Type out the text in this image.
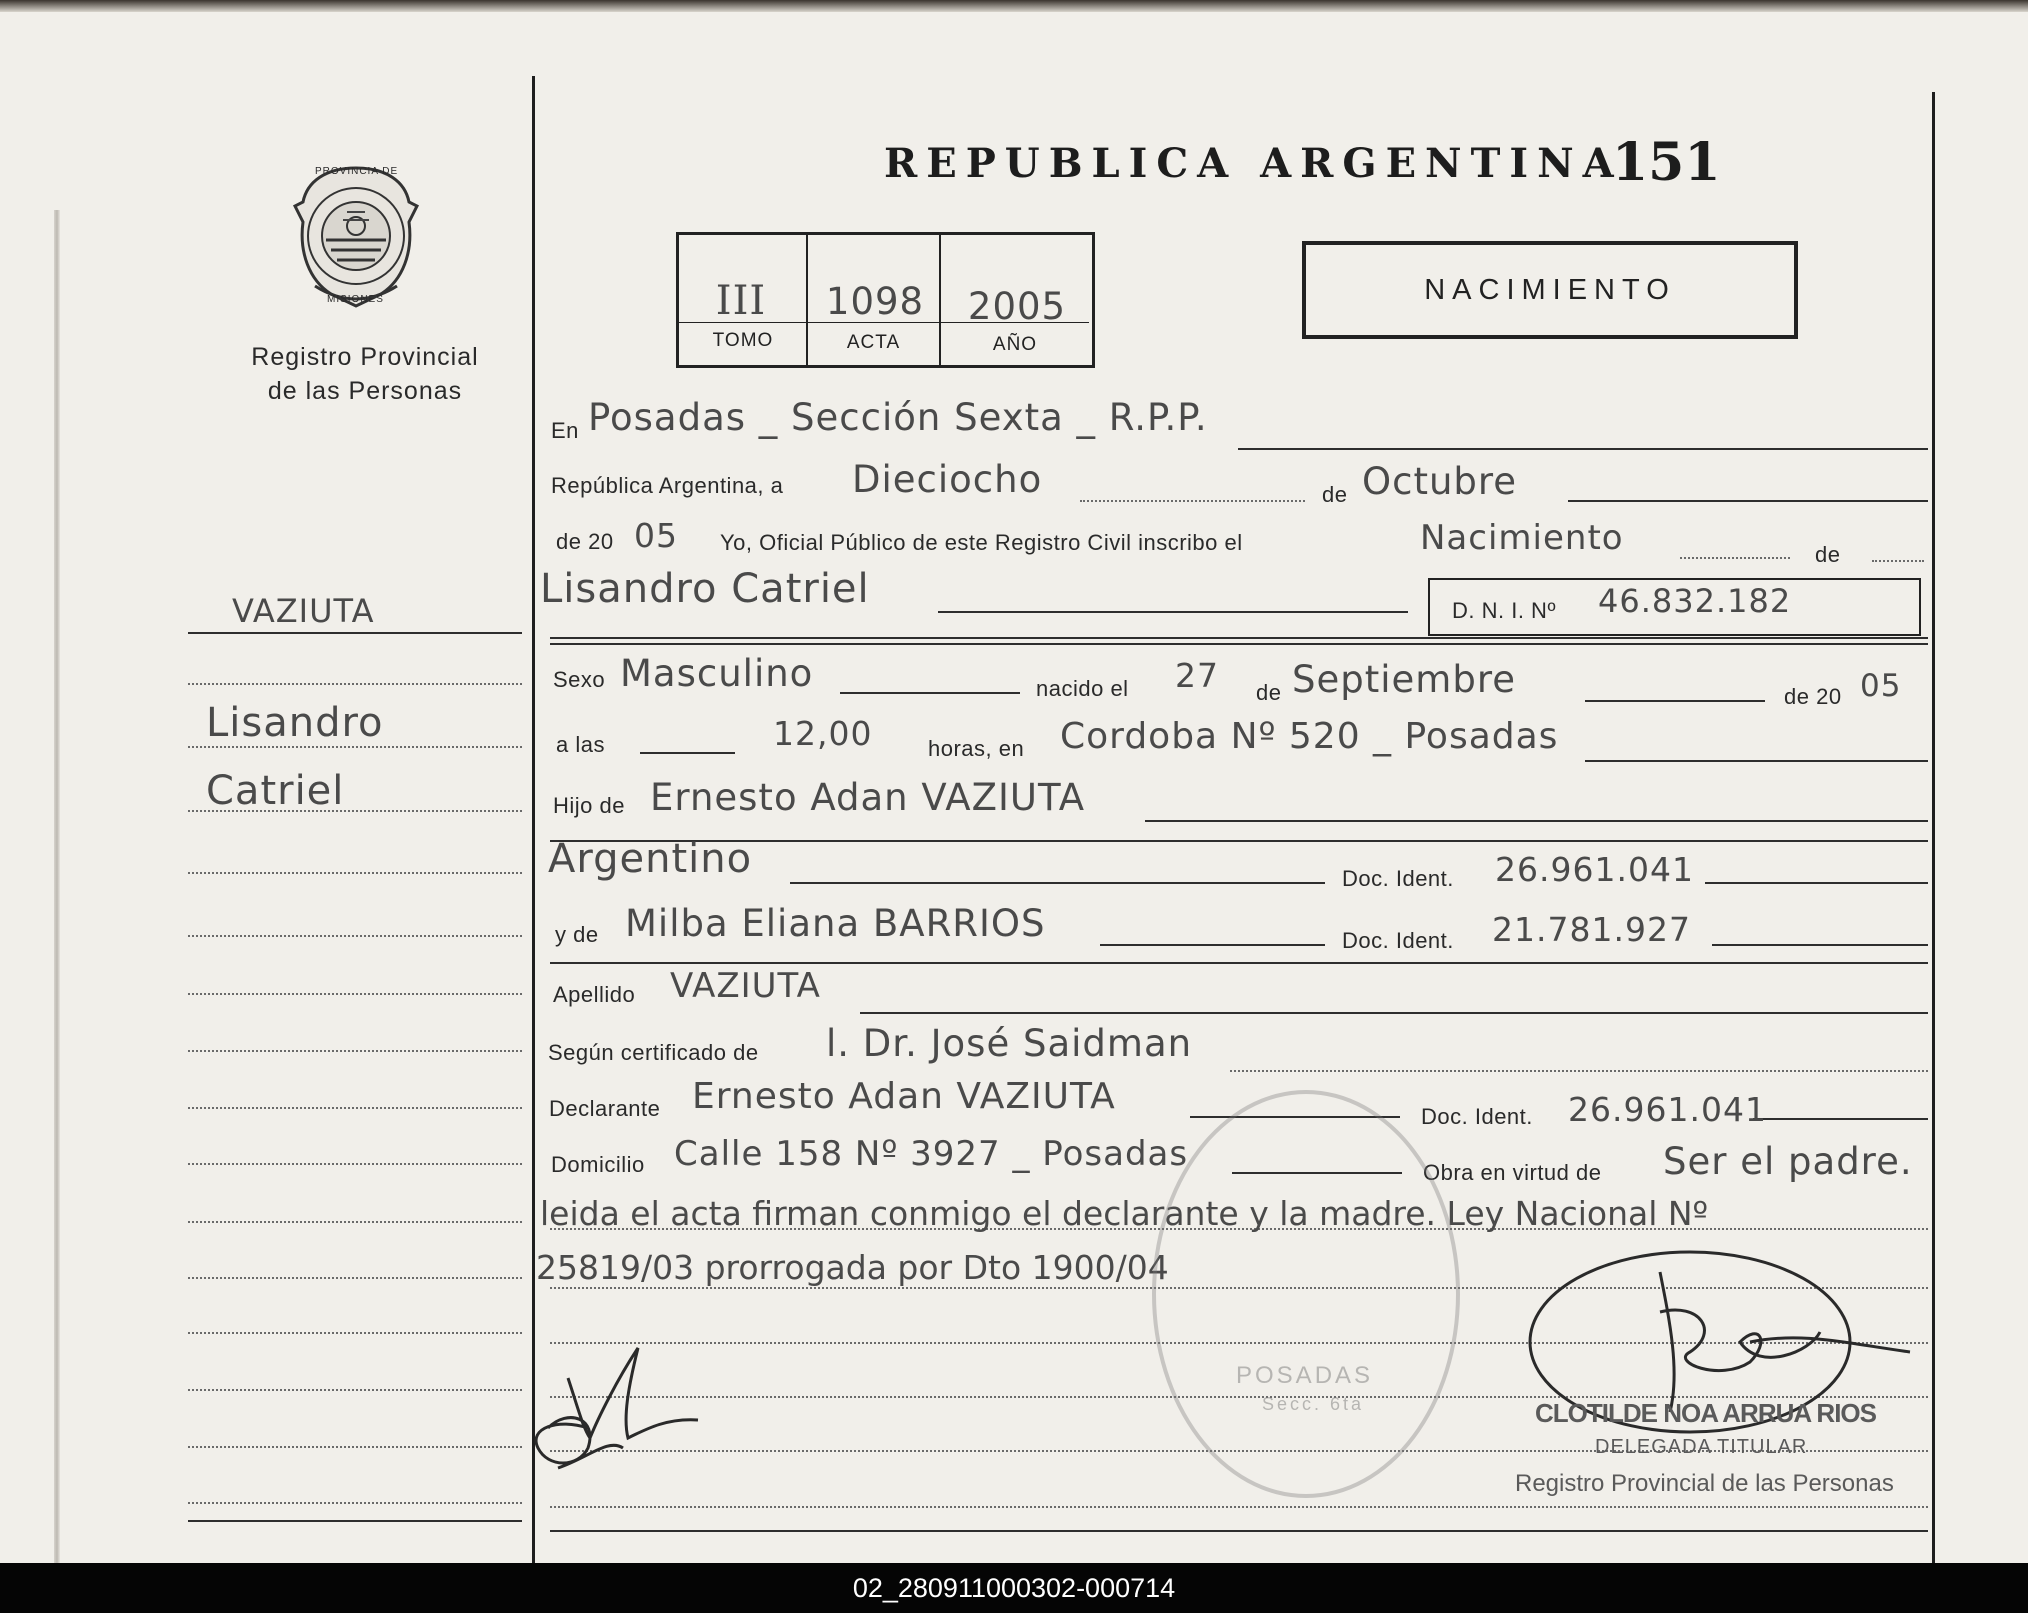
PROVINCIA DE
MISIONES
Registro Provincial
de las Personas
REPUBLICA ARGENTINA
151
III	1098	2005
TOMO	ACTA	AÑO
NACIMIENTO
VAZIUTA
Lisandro
Catriel
En Posadas _ Sección Sexta _ R.P.P.
República Argentina, a Dieciocho	de Octubre
de 20 05 Yo, Oficial Público de este Registro Civil inscribo el	Nacimiento	de
Lisandro Catriel	D. N. I. Nº 46.832.182
Sexo Masculino	nacido el 27 de Septiembre	de 20 05
a las	12,00	horas, en Cordoba Nº 520 _ Posadas
Hijo de Ernesto Adan VAZIUTA
Argentino	Doc. Ident. 26.961.041
y de Milba Eliana BARRIOS	Doc. Ident. 21.781.927
Apellido VAZIUTA
Según certificado de l. Dr. José Saidman
Declarante Ernesto Adan VAZIUTA	Doc. Ident. 26.961.041
Domicilio Calle 158 Nº 3927 _ Posadas	Obra en virtud de Ser el padre.
leida el acta firman conmigo el declarante y la madre. Ley Nacional Nº
25819/03 prorrogada por Dto 1900/04
POSADAS
Secc. 6ta	CLOTILDE NOA ARRUA RIOS
DELEGADA TITULAR
Registro Provincial de las Personas
02_280911000302-000714
